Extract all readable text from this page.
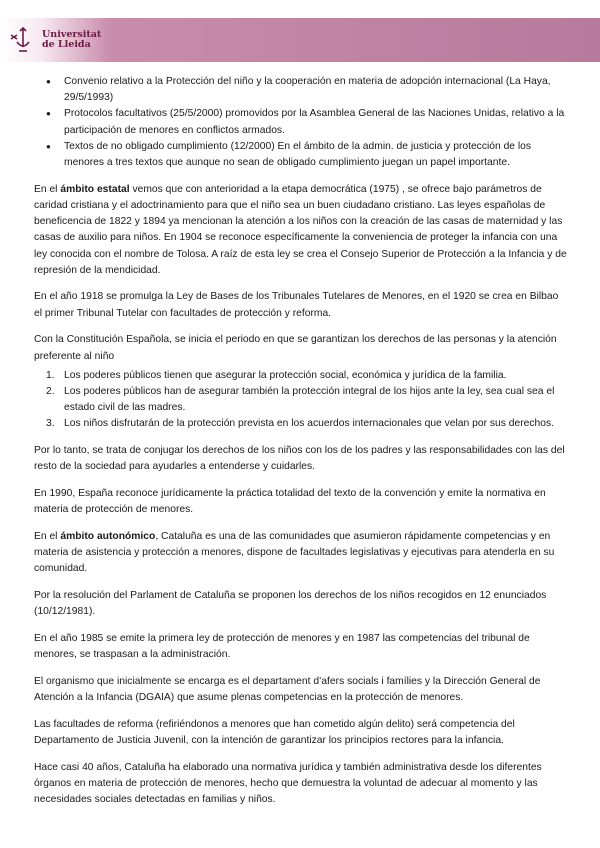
Universitat
de Lleida
● Convenio relativo a la Protección del niño y la cooperación en materia de adopción internacional (La Haya, 29/5/1993)
● Protocolos facultativos (25/5/2000) promovidos por la Asamblea General de las Naciones Unidas, relativo a la participación de menores en conflictos armados.
● Textos de no obligado cumplimiento (12/2000) En el ámbito de la admin. de justicia y protección de los menores a tres textos que aunque no sean de obligado cumplimiento juegan un papel importante.

En el ámbito estatal vemos que con anterioridad a la etapa democrática (1975) , se ofrece bajo parámetros de caridad cristiana y el adoctrinamiento para que el niño sea un buen ciudadano cristiano. Las leyes españolas de beneficencia de 1822 y 1894 ya mencionan la atención a los niños con la creación de las casas de maternidad y las casas de auxilio para niños. En 1904 se reconoce específicamente la conveniencia de proteger la infancia con una ley conocida con el nombre de Tolosa. A raíz de esta ley se crea el Consejo Superior de Protección a la Infancia y de represión de la mendicidad.

En el año 1918 se promulga la Ley de Bases de los Tribunales Tutelares de Menores, en el 1920 se crea en Bilbao el primer Tribunal Tutelar con facultades de protección y reforma.

Con la Constitución Española, se inicia el periodo en que se garantizan los derechos de las personas y la atención preferente al niño

1. Los poderes públicos tienen que asegurar la protección social, económica y jurídica de la familia.
2. Los poderes públicos han de asegurar también la protección integral de los hijos ante la ley, sea cual sea el estado civil de las madres.
3. Los niños disfrutarán de la protección prevista en los acuerdos internacionales que velan por sus derechos.

Por lo tanto, se trata de conjugar los derechos de los niños con los de los padres y las responsabilidades con las del resto de la sociedad para ayudarles a entenderse y cuidarles.

En 1990, España reconoce jurídicamente la práctica totalidad del texto de la convención y emite la normativa en materia de protección de menores.

En el ámbito autonómico, Cataluña es una de las comunidades que asumieron rápidamente competencias y en materia de asistencia y protección a menores, dispone de facultades legislativas y ejecutivas para atenderla en su comunidad.

Por la resolución del Parlament de Cataluña se proponen los derechos de los niños recogidos en 12 enunciados (10/12/1981).

En el año 1985 se emite la primera ley de protección de menores y en 1987 las competencias del tribunal de menores, se traspasan a la administración.

El organismo que inicialmente se encarga es el departament d’afers socials i famílies y la Dirección General de Atención a la Infancia (DGAIA) que asume plenas competencias en la protección de menores.

Las facultades de reforma (refiriéndonos a menores que han cometido algún delito) será competencia del Departamento de Justicia Juvenil, con la intención de garantizar los principios rectores para la infancia.

Hace casi 40 años, Cataluña ha elaborado una normativa jurídica y también administrativa desde los diferentes órganos en materia de protección de menores, hecho que demuestra la voluntad de adecuar al momento y las necesidades sociales detectadas en familias y niños.
